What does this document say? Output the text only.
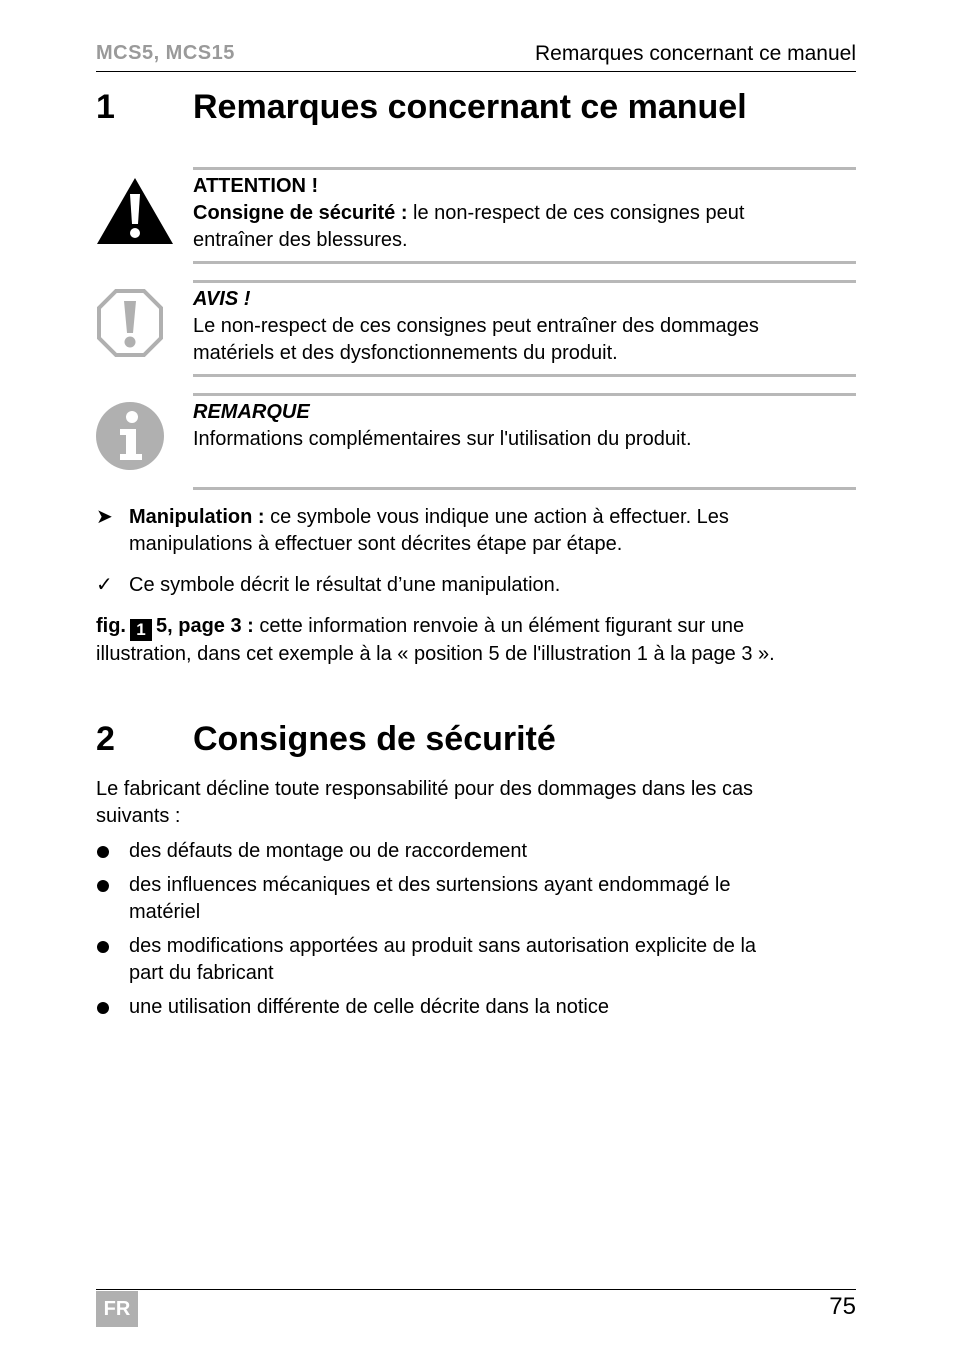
MCS5, MCS15	Remarques concernant ce manuel
1 Remarques concernant ce manuel
ATTENTION !
Consigne de sécurité : le non-respect de ces consignes peut
entraîner des blessures.
AVIS !
Le non-respect de ces consignes peut entraîner des dommages
matériels et des dysfonctionnements du produit.
REMARQUE
Informations complémentaires sur l'utilisation du produit.
➤ Manipulation : ce symbole vous indique une action à effectuer. Les
manipulations à effectuer sont décrites étape par étape.
✓ Ce symbole décrit le résultat d’une manipulation.
fig. 1 5, page 3 : cette information renvoie à un élément figurant sur une
illustration, dans cet exemple à la « position 5 de l'illustration 1 à la page 3 ».
2 Consignes de sécurité
Le fabricant décline toute responsabilité pour des dommages dans les cas
suivants :
des défauts de montage ou de raccordement
des influences mécaniques et des surtensions ayant endommagé le
matériel
des modifications apportées au produit sans autorisation explicite de la
part du fabricant
une utilisation différente de celle décrite dans la notice
FR	75
